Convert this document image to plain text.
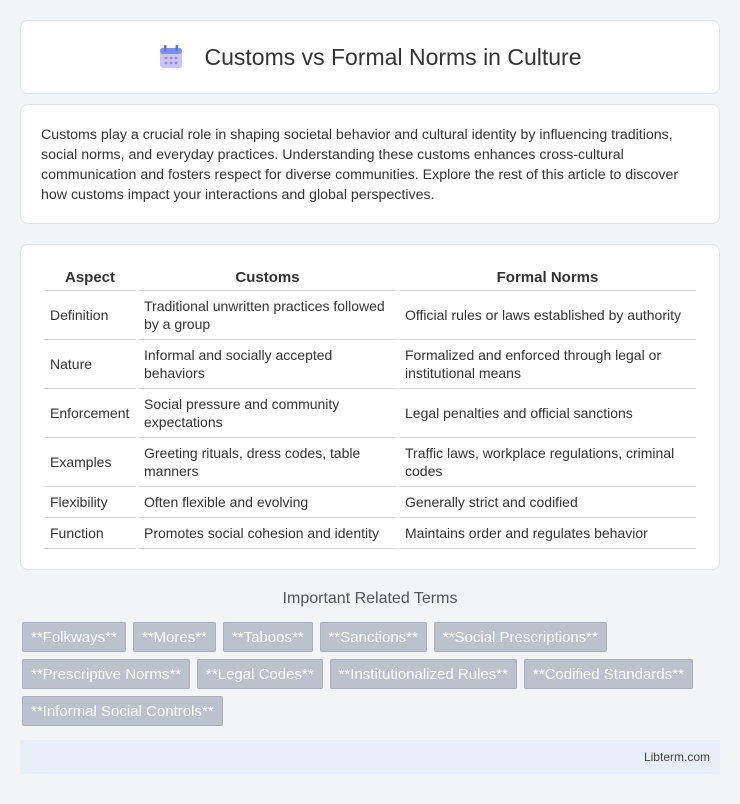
Customs vs Formal Norms in Culture

Customs play a crucial role in shaping societal behavior and cultural identity by influencing traditions, social norms, and everyday practices. Understanding these customs enhances cross-cultural communication and fosters respect for diverse communities. Explore the rest of this article to discover how customs impact your interactions and global perspectives.

Aspect	Customs	Formal Norms
Definition	Traditional unwritten practices followed by a group	Official rules or laws established by authority
Nature	Informal and socially accepted behaviors	Formalized and enforced through legal or institutional means
Enforcement	Social pressure and community expectations	Legal penalties and official sanctions
Examples	Greeting rituals, dress codes, table manners	Traffic laws, workplace regulations, criminal codes
Flexibility	Often flexible and evolving	Generally strict and codified
Function	Promotes social cohesion and identity	Maintains order and regulates behavior
Important Related Terms
**Folkways**	**Mores**	**Taboos**	**Sanctions**	**Social Prescriptions**
**Prescriptive Norms**	**Legal Codes**	**Institutionalized Rules**	**Codified Standards**
**Informal Social Controls**
Libterm.com
